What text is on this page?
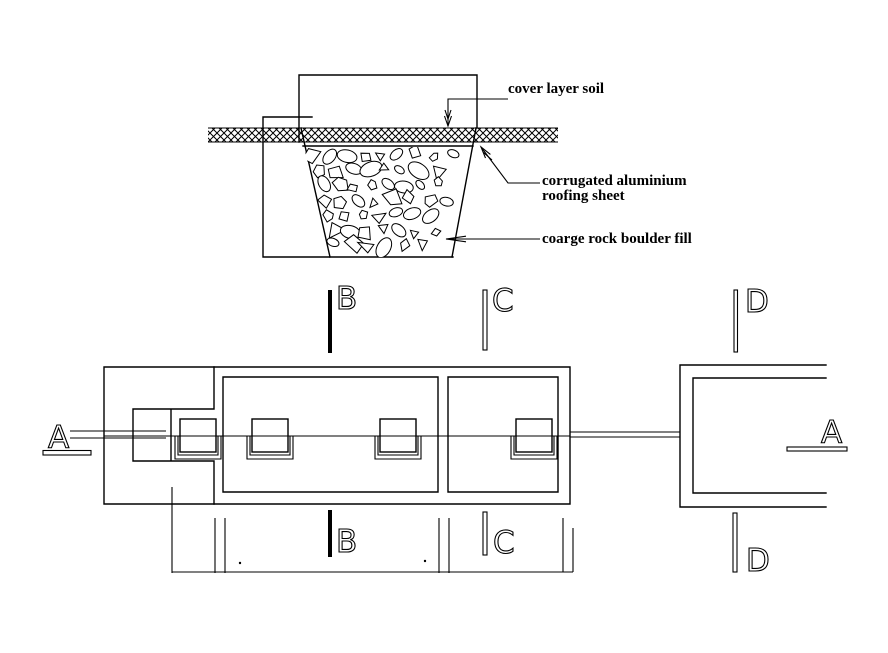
A	A
B
B
C
C
D
D
cover layer soil
corrugated aluminium
roofing sheet
coarge rock boulder fill
